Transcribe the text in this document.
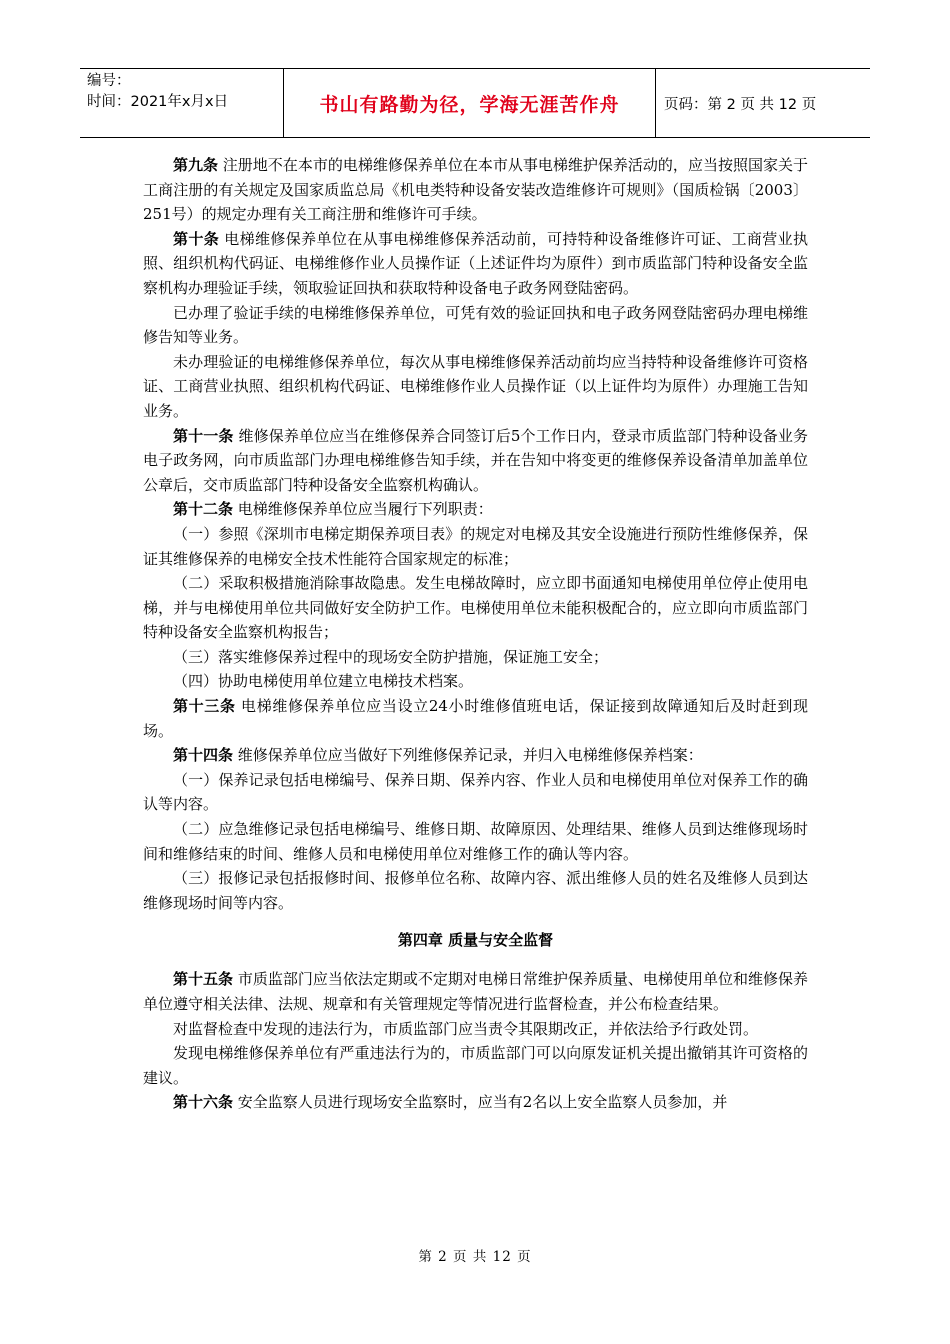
编号：
时间：2021年x月x日	书山有路勤为径，学海无涯苦作舟	页码：第 2 页 共 12 页

第九条 注册地不在本市的电梯维修保养单位在本市从事电梯维护保养活动的，应当按照国家关于工商注册的有关规定及国家质监总局《机电类特种设备安装改造维修许可规则》（国质检锅〔2003〕251号）的规定办理有关工商注册和维修许可手续。

第十条 电梯维修保养单位在从事电梯维修保养活动前，可持特种设备维修许可证、工商营业执照、组织机构代码证、电梯维修作业人员操作证（上述证件均为原件）到市质监部门特种设备安全监察机构办理验证手续，领取验证回执和获取特种设备电子政务网登陆密码。

已办理了验证手续的电梯维修保养单位，可凭有效的验证回执和电子政务网登陆密码办理电梯维修告知等业务。

未办理验证的电梯维修保养单位，每次从事电梯维修保养活动前均应当持特种设备维修许可资格证、工商营业执照、组织机构代码证、电梯维修作业人员操作证（以上证件均为原件）办理施工告知业务。

第十一条 维修保养单位应当在维修保养合同签订后5个工作日内，登录市质监部门特种设备业务电子政务网，向市质监部门办理电梯维修告知手续，并在告知中将变更的维修保养设备清单加盖单位公章后，交市质监部门特种设备安全监察机构确认。

第十二条 电梯维修保养单位应当履行下列职责：

（一）参照《深圳市电梯定期保养项目表》的规定对电梯及其安全设施进行预防性维修保养，保证其维修保养的电梯安全技术性能符合国家规定的标准；

（二）采取积极措施消除事故隐患。发生电梯故障时，应立即书面通知电梯使用单位停止使用电梯，并与电梯使用单位共同做好安全防护工作。电梯使用单位未能积极配合的，应立即向市质监部门特种设备安全监察机构报告；

（三）落实维修保养过程中的现场安全防护措施，保证施工安全；

（四）协助电梯使用单位建立电梯技术档案。

第十三条 电梯维修保养单位应当设立24小时维修值班电话，保证接到故障通知后及时赶到现场。

第十四条 维修保养单位应当做好下列维修保养记录，并归入电梯维修保养档案：

（一）保养记录包括电梯编号、保养日期、保养内容、作业人员和电梯使用单位对保养工作的确认等内容。

（二）应急维修记录包括电梯编号、维修日期、故障原因、处理结果、维修人员到达维修现场时间和维修结束的时间、维修人员和电梯使用单位对维修工作的确认等内容。

（三）报修记录包括报修时间、报修单位名称、故障内容、派出维修人员的姓名及维修人员到达维修现场时间等内容。

第四章 质量与安全监督

第十五条 市质监部门应当依法定期或不定期对电梯日常维护保养质量、电梯使用单位和维修保养单位遵守相关法律、法规、规章和有关管理规定等情况进行监督检查，并公布检查结果。

对监督检查中发现的违法行为，市质监部门应当责令其限期改正，并依法给予行政处罚。

发现电梯维修保养单位有严重违法行为的，市质监部门可以向原发证机关提出撤销其许可资格的建议。

第十六条 安全监察人员进行现场安全监察时，应当有2名以上安全监察人员参加，并

第 2 页 共 12 页
